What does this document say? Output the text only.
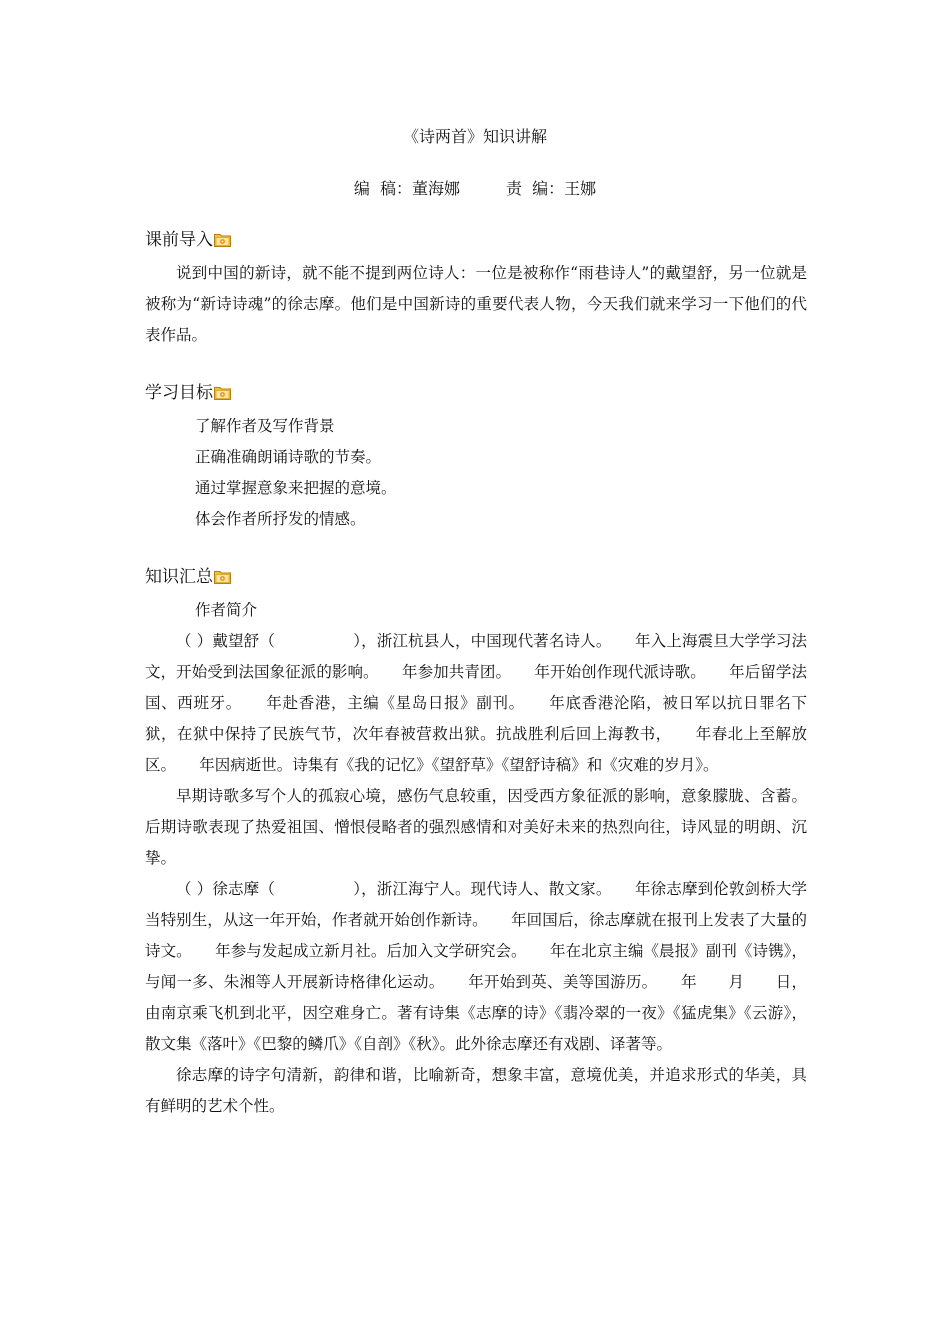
《诗两首》知识讲解
编  稿：董海娜	责  编：王娜
课前导入

说到中国的新诗，就不能不提到两位诗人：一位是被称作“雨巷诗人”的戴望舒，另一位就是被称为“新诗诗魂”的徐志摩。他们是中国新诗的重要代表人物，今天我们就来学习一下他们的代表作品。

学习目标
了解作者及写作背景
正确准确朗诵诗歌的节奏。
通过掌握意象来把握的意境。
体会作者所抒发的情感。
知识汇总
作者简介

（ ）戴望舒（　　　　　），浙江杭县人，中国现代著名诗人。　　年入上海震旦大学学习法文，开始受到法国象征派的影响。　　年参加共青团。　　年开始创作现代派诗歌。　　年后留学法国、西班牙。　　年赴香港，主编《星岛日报》副刊。　　年底香港沦陷，被日军以抗日罪名下狱，在狱中保持了民族气节，次年春被营救出狱。抗战胜利后回上海教书，　　年春北上至解放区。　　年因病逝世。诗集有《我的记忆》《望舒草》《望舒诗稿》和《灾难的岁月》。

早期诗歌多写个人的孤寂心境，感伤气息较重，因受西方象征派的影响，意象朦胧、含蓄。后期诗歌表现了热爱祖国、憎恨侵略者的强烈感情和对美好未来的热烈向往，诗风显的明朗、沉挚。

（ ）徐志摩（　　　　　），浙江海宁人。现代诗人、散文家。　　年徐志摩到伦敦剑桥大学当特别生，从这一年开始，作者就开始创作新诗。　　年回国后，徐志摩就在报刊上发表了大量的诗文。　　年参与发起成立新月社。后加入文学研究会。　　年在北京主编《晨报》副刊《诗镌》，与闻一多、朱湘等人开展新诗格律化运动。　　年开始到英、美等国游历。　　年　　月　　日，由南京乘飞机到北平，因空难身亡。著有诗集《志摩的诗》《翡冷翠的一夜》《猛虎集》《云游》，散文集《落叶》《巴黎的鳞爪》《自剖》《秋》。此外徐志摩还有戏剧、译著等。

徐志摩的诗字句清新，韵律和谐，比喻新奇，想象丰富，意境优美，并追求形式的华美，具有鲜明的艺术个性。
